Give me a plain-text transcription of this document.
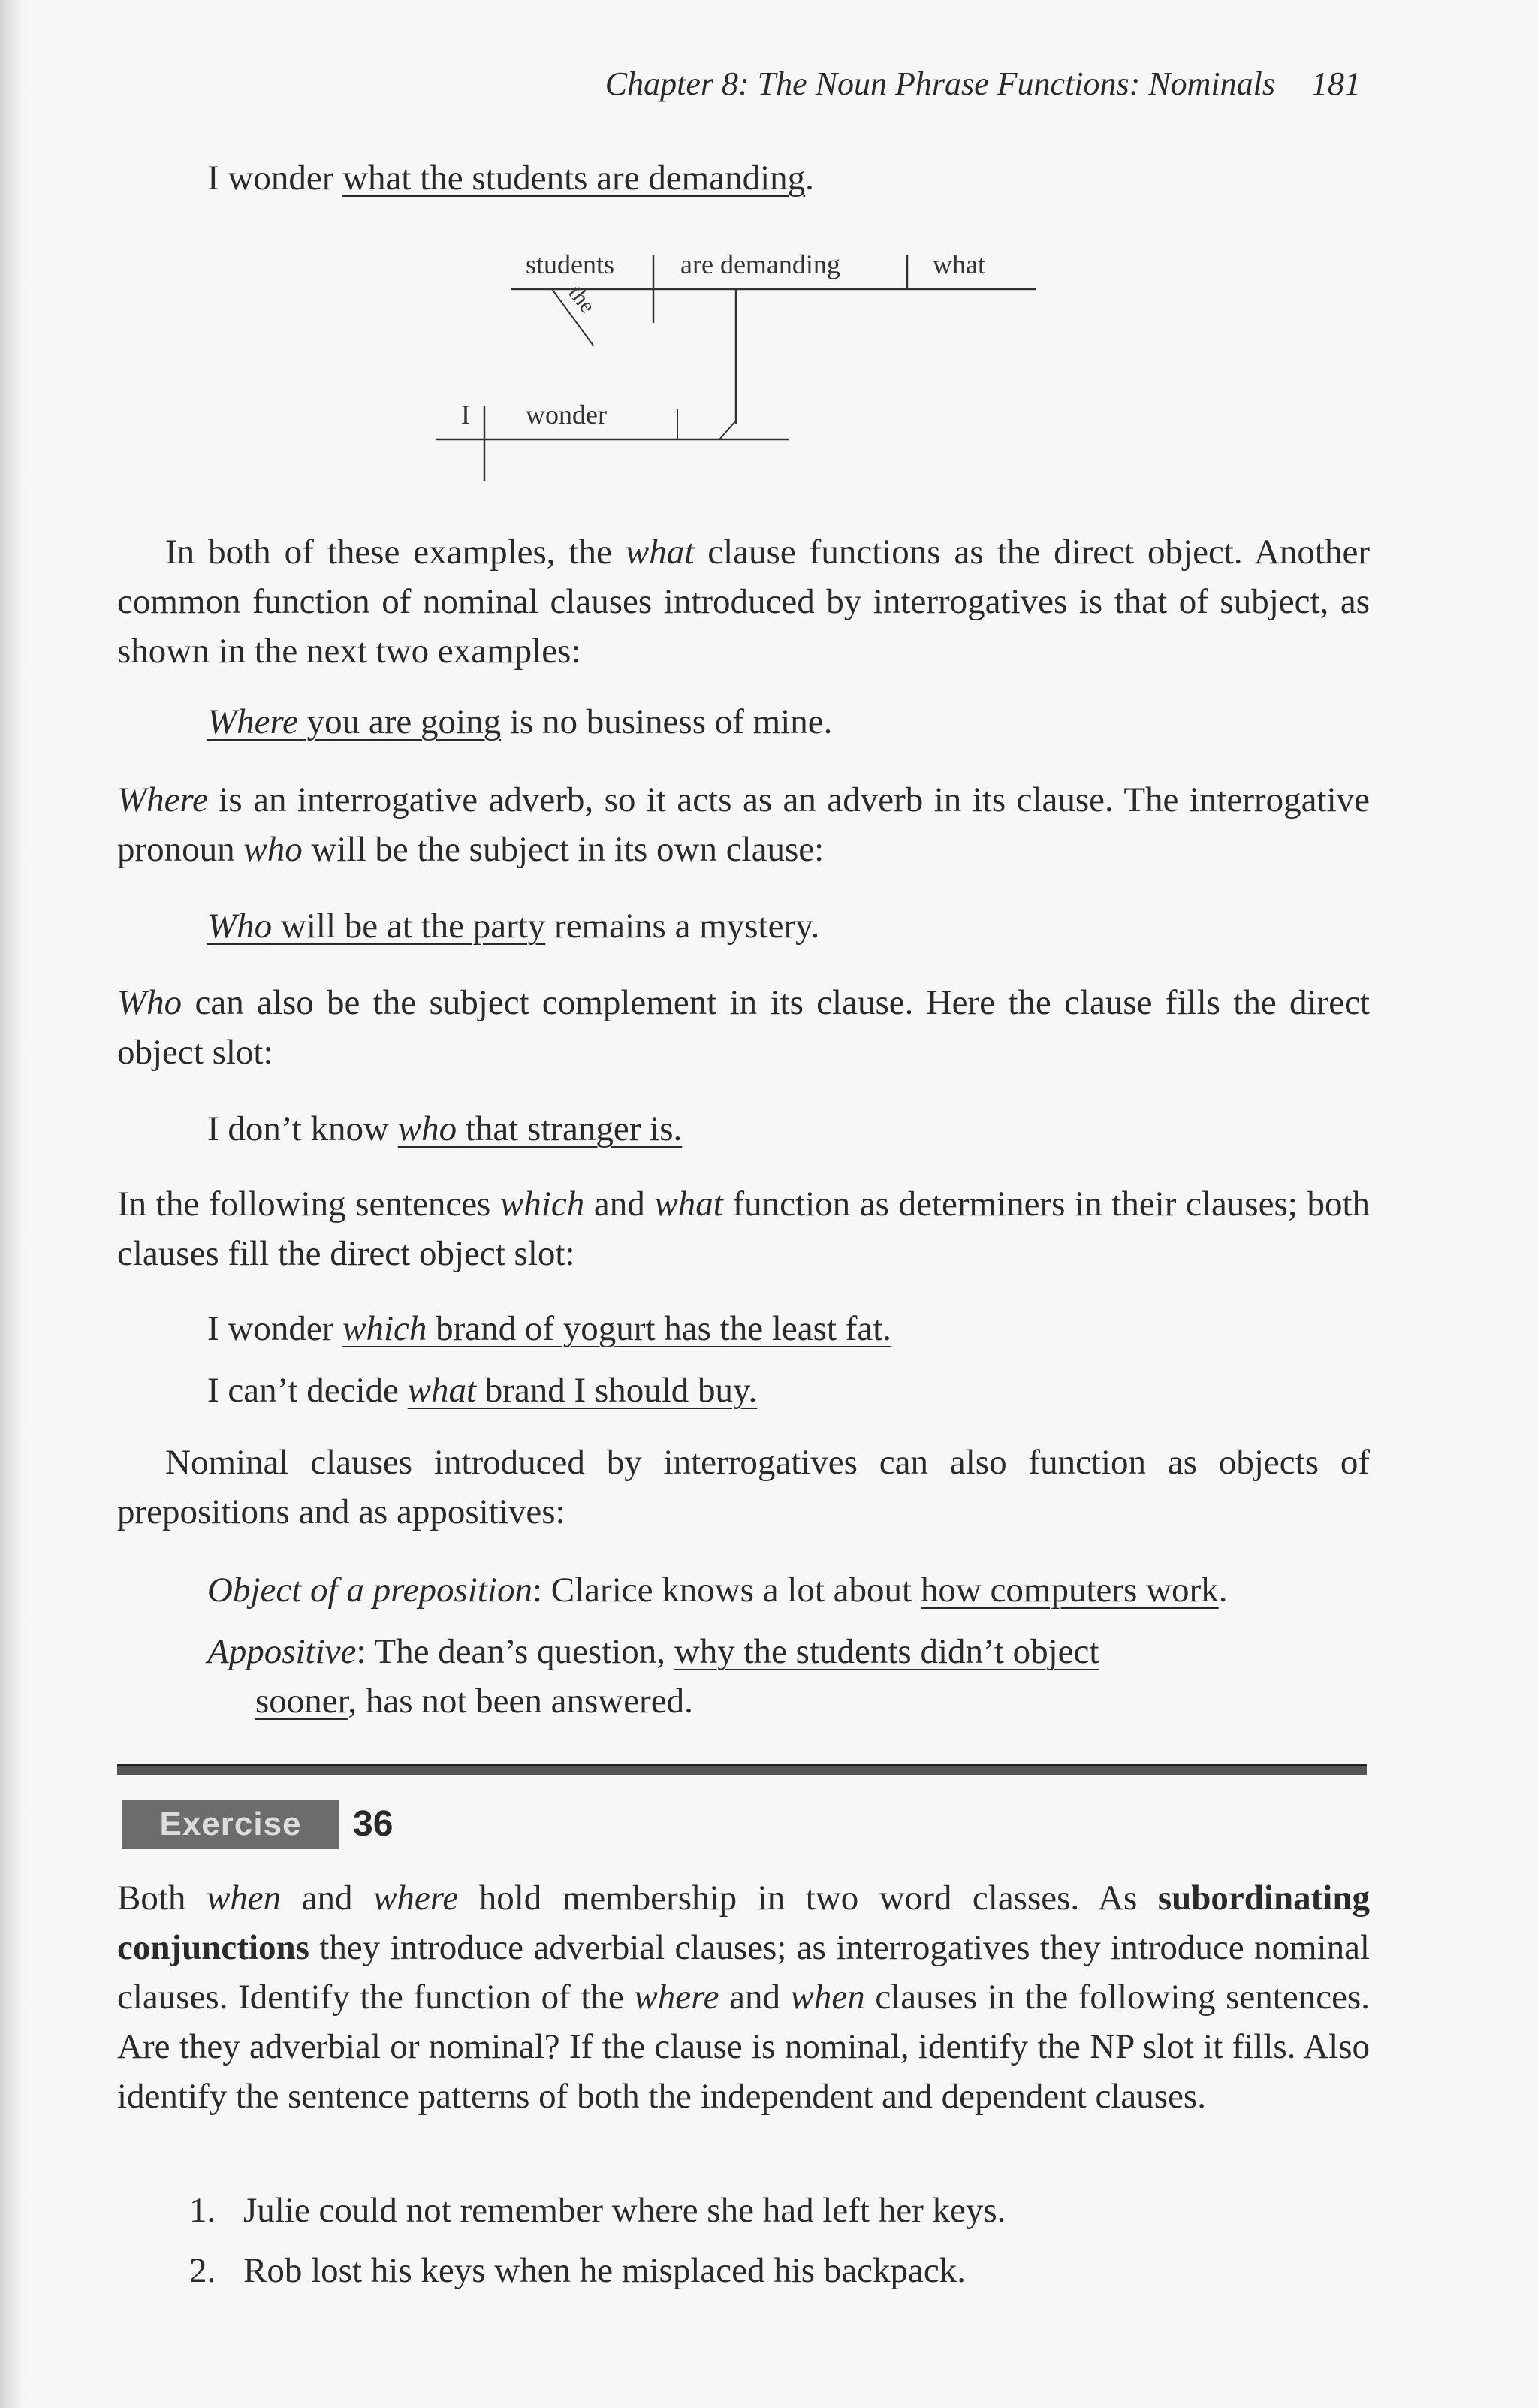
Chapter 8: The Noun Phrase Functions: Nominals 181

I wonder what the students are demanding.

students are demanding	what
the
I wonder

In both of these examples, the what clause functions as the direct object. Another common function of nominal clauses introduced by interrogatives is that of subject, as shown in the next two examples:

Where you are going is no business of mine.

Where is an interrogative adverb, so it acts as an adverb in its clause. The interrogative pronoun who will be the subject in its own clause:

Who will be at the party remains a mystery.

Who can also be the subject complement in its clause. Here the clause fills the direct object slot:

I don’t know who that stranger is.

In the following sentences which and what function as determiners in their clauses; both clauses fill the direct object slot:

I wonder which brand of yogurt has the least fat.

I can’t decide what brand I should buy.

Nominal clauses introduced by interrogatives can also function as objects of prepositions and as appositives:

Object of a preposition: Clarice knows a lot about how computers work.

Appositive: The dean’s question, why the students didn’t object

sooner, has not been answered.

Exercise	36

Both when and where hold membership in two word classes. As subordinating conjunctions they introduce adverbial clauses; as interrogatives they introduce nominal clauses. Identify the function of the where and when clauses in the following sentences. Are they adverbial or nominal? If the clause is nominal, identify the NP slot it fills. Also identify the sentence patterns of both the independent and dependent clauses.

1. Julie could not remember where she had left her keys.

2. Rob lost his keys when he misplaced his backpack.
